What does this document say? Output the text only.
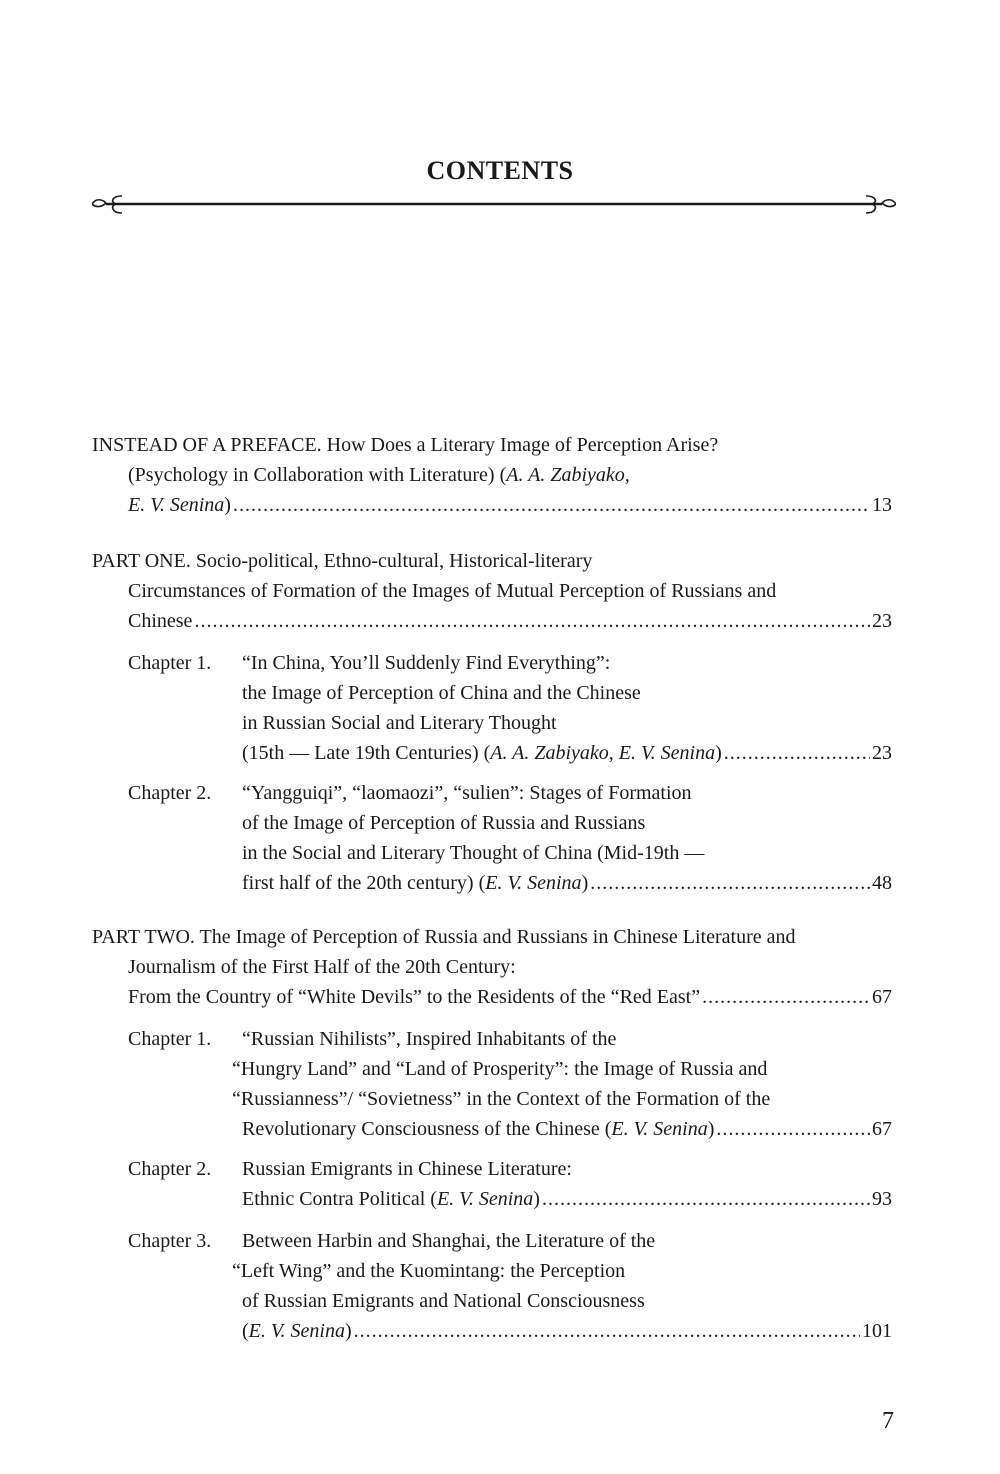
CONTENTS
INSTEAD OF A PREFACE. How Does a Literary Image of Perception Arise?
(Psychology in Collaboration with Literature) (A. A. Zabiyako,
E. V. Senina ) .....	13
PART ONE. Socio-political, Ethno-cultural, Historical-literary
Circumstances of Formation of the Images of Mutual Perception of Russians and
Chinese .....	23
Chapter 1. “In China, You’ll Suddenly Find Everything”:
the Image of Perception of China and the Chinese
in Russian Social and Literary Thought
(15th — Late 19th Centuries) ( A. A. Zabiyako, E. V. Senina ) .....	23
Chapter 2. “Yangguiqi”, “laomaozi”, “sulien”: Stages of Formation
of the Image of Perception of Russia and Russians
in the Social and Literary Thought of China (Mid-19th —
first half of the 20th century) ( E. V. Senina ) .....	48
PART TWO. The Image of Perception of Russia and Russians in Chinese Literature and
Journalism of the First Half of the 20th Century:
From the Country of “White Devils” to the Residents of the “Red East” .....	67
Chapter 1. “Russian Nihilists”, Inspired Inhabitants of the
“Hungry Land” and “Land of Prosperity”: the Image of Russia and
“Russianness”/ “Sovietness” in the Context of the Formation of the
Revolutionary Consciousness of the Chinese ( E. V. Senina ) .....	67
Chapter 2. Russian Emigrants in Chinese Literature:
Ethnic Contra Political ( E. V. Senina ) .....	93
Chapter 3. Between Harbin and Shanghai, the Literature of the
“Left Wing” and the Kuomintang: the Perception
of Russian Emigrants and National Consciousness
( E. V. Senina ) .....	101
7
